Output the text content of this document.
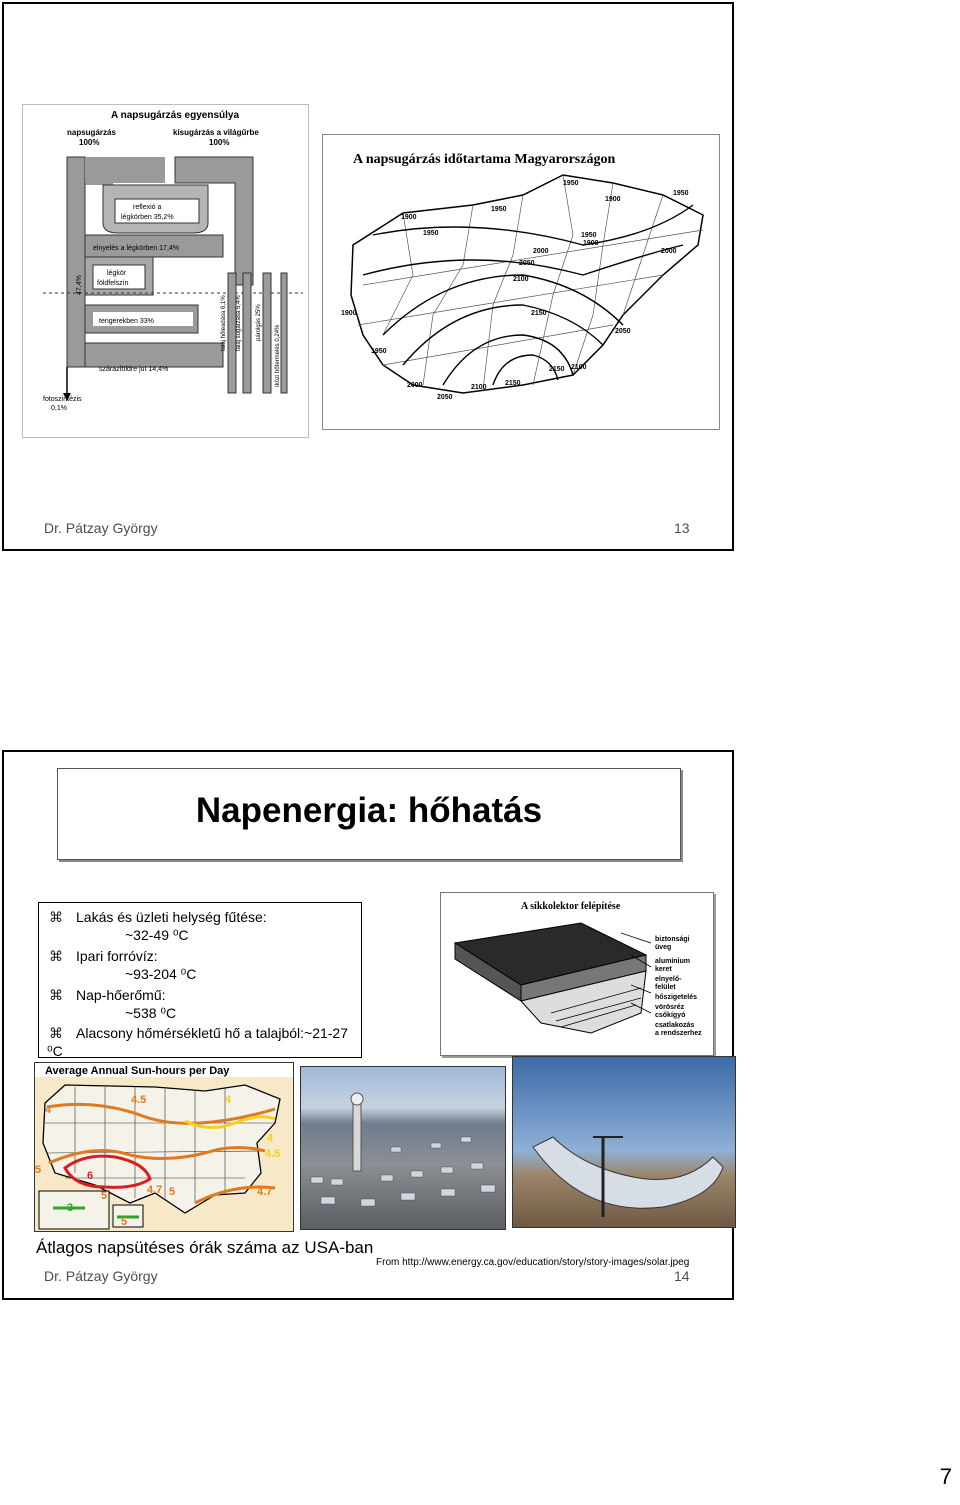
A napsugárzás egyensúlya
napsugárzás
100%
kisugárzás a világűrbe
100%
reflexió a
légkörben 35,2%
elnyelés a légkörben 17,4%
légkör
földfelszín
tengerekben 33%
szárazföldre jut 14,4%
fotoszintézis
0,1%
47,4%
talaj hőleadása 6,1% talaj sugárzása 5,4% párolgás 25%
Iközi hőtermelés 0,24%
A napsugárzás időtartama Magyarországon
1950
1900
1950
2000
1950
1900
1950	1950
2000
2050
2100
2150
1900
2000
2050
2100
2150
2150 2100
2050
1950
1900
Dr. Pátzay György	13
Napenergia: hőhatás
⌘ Lakás és üzleti helység fűtése:
~32-49 ⁰C
⌘ Ipari forróvíz:
~93-204 ⁰C
⌘ Nap-hőerőmű:
~538 ⁰C
⌘ Alacsony hőmérsékletű hő a talajból:~21-27
⁰C
A síkkolektor felépítése
biztonsági
üveg
alumínium
keret
elnyelő-
felület
hőszigetelés
vörösréz
csőkígyó
csatlakozás
a rendszerhez
Average Annual Sun-hours per Day
4.5
4
4
4
4.5
5	6
5	4.7	4.7
5
3
5
Átlagos napsütéses órák száma az USA-ban
From http://www.energy.ca.gov/education/story/story-images/solar.jpeg
Dr. Pátzay György	14
7
